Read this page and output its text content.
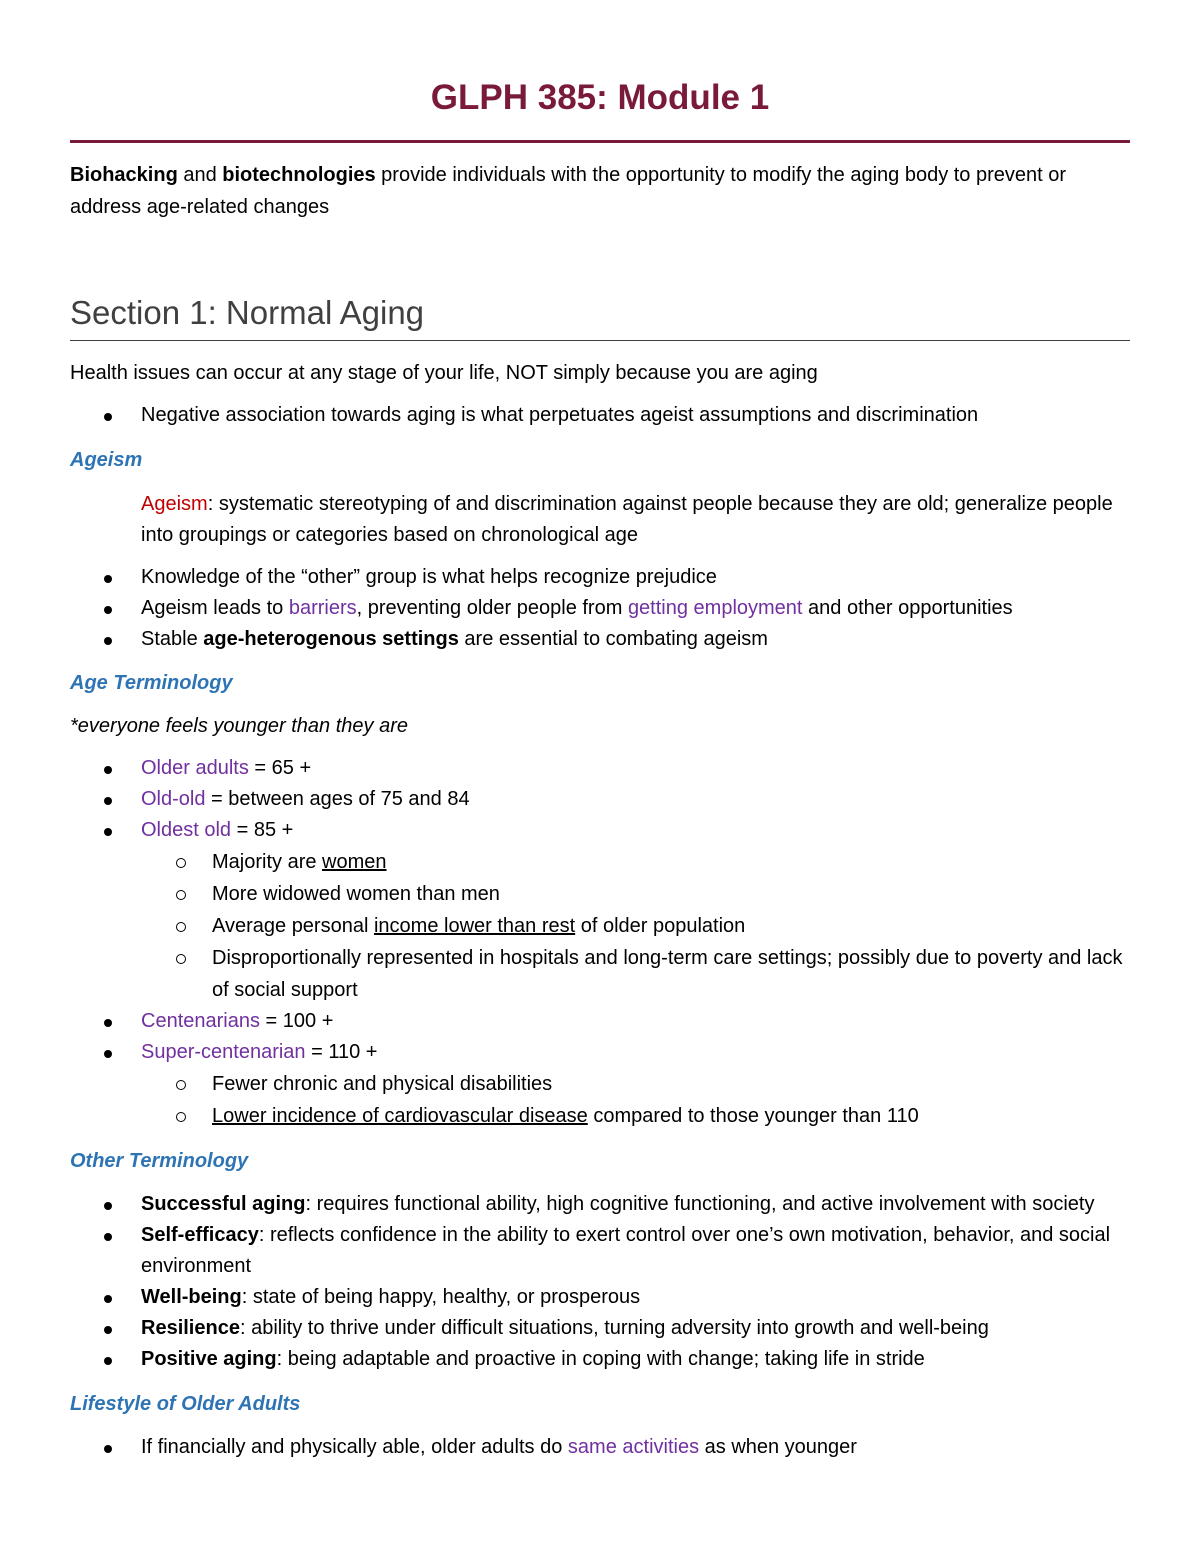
GLPH 385: Module 1
Biohacking and biotechnologies provide individuals with the opportunity to modify the aging body to prevent or address age-related changes
Section 1: Normal Aging
Health issues can occur at any stage of your life, NOT simply because you are aging
Negative association towards aging is what perpetuates ageist assumptions and discrimination
Ageism
Ageism: systematic stereotyping of and discrimination against people because they are old; generalize people into groupings or categories based on chronological age
Knowledge of the “other” group is what helps recognize prejudice
Ageism leads to barriers, preventing older people from getting employment and other opportunities
Stable age-heterogenous settings are essential to combating ageism
Age Terminology
*everyone feels younger than they are
Older adults = 65 +
Old-old = between ages of 75 and 84
Oldest old = 85 +
Majority are women
More widowed women than men
Average personal income lower than rest of older population
Disproportionally represented in hospitals and long-term care settings; possibly due to poverty and lack of social support
Centenarians = 100 +
Super-centenarian = 110 +
Fewer chronic and physical disabilities
Lower incidence of cardiovascular disease compared to those younger than 110
Other Terminology
Successful aging: requires functional ability, high cognitive functioning, and active involvement with society
Self-efficacy: reflects confidence in the ability to exert control over one’s own motivation, behavior, and social environment
Well-being: state of being happy, healthy, or prosperous
Resilience: ability to thrive under difficult situations, turning adversity into growth and well-being
Positive aging: being adaptable and proactive in coping with change; taking life in stride
Lifestyle of Older Adults
If financially and physically able, older adults do same activities as when younger
